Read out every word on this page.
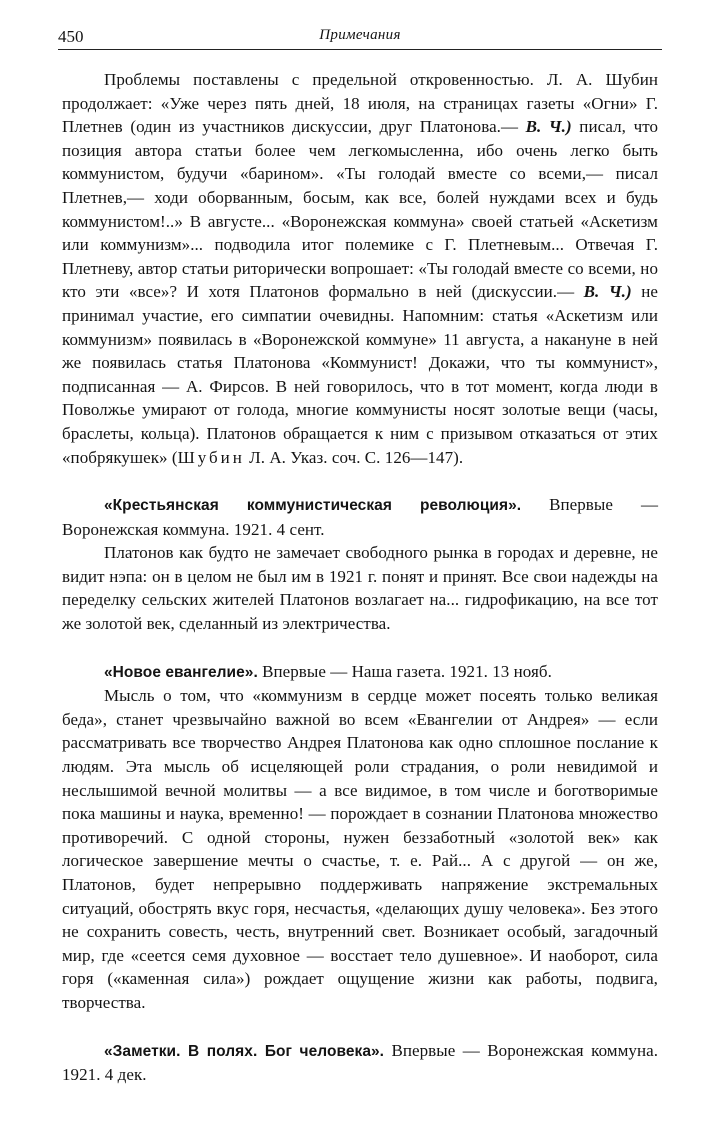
450	Примечания

Проблемы поставлены с предельной откровенностью. Л. А. Шубин продолжает: «Уже через пять дней, 18 июля, на страницах газеты «Огни» Г. Плетнев (один из участников дискуссии, друг Платонова.— В. Ч.) писал, что позиция автора статьи более чем легкомысленна, ибо очень легко быть коммунистом, будучи «барином». «Ты голодай вместе со всеми,— писал Плетнев,— ходи оборванным, босым, как все, болей нуждами всех и будь коммунистом!..» В августе... «Воронежская коммуна» своей статьей «Аскетизм или коммунизм»... подводила итог полемике с Г. Плетневым... Отвечая Г. Плетневу, автор статьи риторически вопрошает: «Ты голодай вместе со всеми, но кто эти «все»? И хотя Платонов формально в ней (дискуссии.— В. Ч.) не принимал участие, его симпатии очевидны. Напомним: статья «Аскетизм или коммунизм» появилась в «Воронежской коммуне» 11 августа, а накануне в ней же появилась статья Платонова «Коммунист! Докажи, что ты коммунист», подписанная — А. Фирсов. В ней говорилось, что в тот момент, когда люди в Поволжье умирают от голода, многие коммунисты носят золотые вещи (часы, браслеты, кольца). Платонов обращается к ним с призывом отказаться от этих «побрякушек» (Шубин Л. А. Указ. соч. С. 126—147).

«Крестьянская коммунистическая революция». Впервые — Воронежская коммуна. 1921. 4 сент.

Платонов как будто не замечает свободного рынка в городах и деревне, не видит нэпа: он в целом не был им в 1921 г. понят и принят. Все свои надежды на переделку сельских жителей Платонов возлагает на... гидрофикацию, на все тот же золотой век, сделанный из электричества.

«Новое евангелие». Впервые — Наша газета. 1921. 13 нояб.

Мысль о том, что «коммунизм в сердце может посеять только великая беда», станет чрезвычайно важной во всем «Евангелии от Андрея» — если рассматривать все творчество Андрея Платонова как одно сплошное послание к людям. Эта мысль об исцеляющей роли страдания, о роли невидимой и неслышимой вечной молитвы — а все видимое, в том числе и боготворимые пока машины и наука, временно! — порождает в сознании Платонова множество противоречий. С одной стороны, нужен беззаботный «золотой век» как логическое завершение мечты о счастье, т. е. Рай... А с другой — он же, Платонов, будет непрерывно поддерживать напряжение экстремальных ситуаций, обострять вкус горя, несчастья, «делающих душу человека». Без этого не сохранить совесть, честь, внутренний свет. Возникает особый, загадочный мир, где «сеется семя духовное — восстает тело душевное». И наоборот, сила горя («каменная сила») рождает ощущение жизни как работы, подвига, творчества.

«Заметки. В полях. Бог человека». Впервые — Воронежская коммуна. 1921. 4 дек.
